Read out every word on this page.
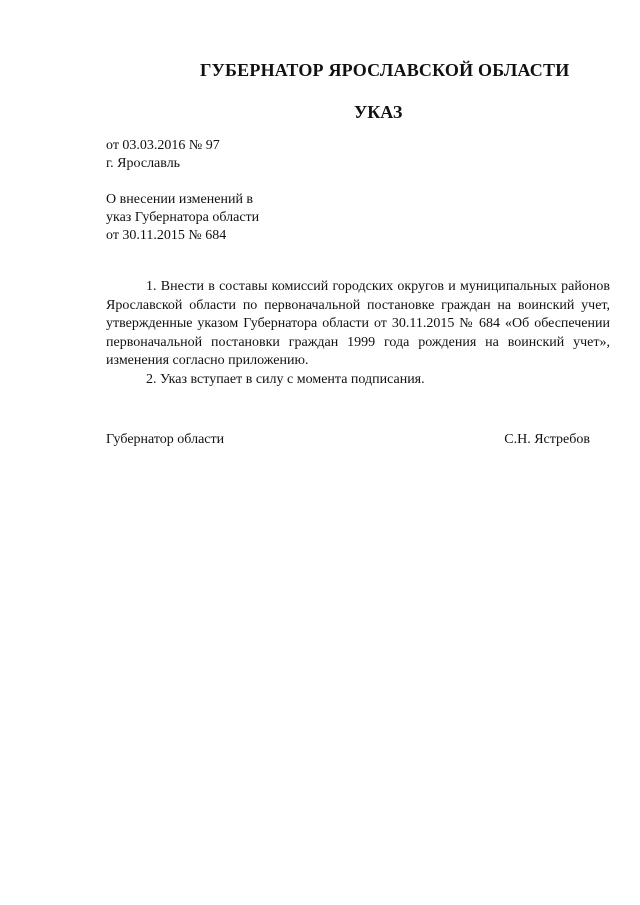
ГУБЕРНАТОР ЯРОСЛАВСКОЙ ОБЛАСТИ
УКАЗ
от 03.03.2016 № 97
г. Ярославль
О внесении изменений в
указ Губернатора области
от 30.11.2015 № 684

1. Внести в составы комиссий городских округов и муниципальных районов Ярославской области по первоначальной постановке граждан на воинский учет, утвержденные указом Губернатора области от 30.11.2015 № 684 «Об обеспечении первоначальной постановки граждан 1999 года рождения на воинский учет», изменения согласно приложению.

2. Указ вступает в силу с момента подписания.

Губернатор области	С.Н. Ястребов
